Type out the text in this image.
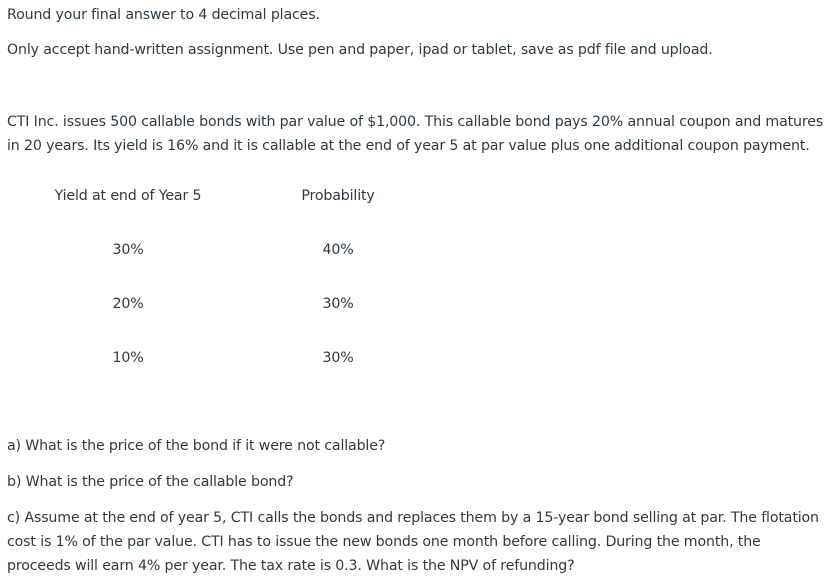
Round your final answer to 4 decimal places.
Only accept hand-written assignment. Use pen and paper, ipad or tablet, save as pdf file and upload.
CTI Inc. issues 500 callable bonds with par value of $1,000. This callable bond pays 20% annual coupon and matures
in 20 years. Its yield is 16% and it is callable at the end of year 5 at par value plus one additional coupon payment.
Yield at end of Year 5	Probability
30%	40%
20%	30%
10%	30%
a) What is the price of the bond if it were not callable?
b) What is the price of the callable bond?
c) Assume at the end of year 5, CTI calls the bonds and replaces them by a 15-year bond selling at par. The flotation
cost is 1% of the par value. CTI has to issue the new bonds one month before calling. During the month, the
proceeds will earn 4% per year. The tax rate is 0.3. What is the NPV of refunding?
